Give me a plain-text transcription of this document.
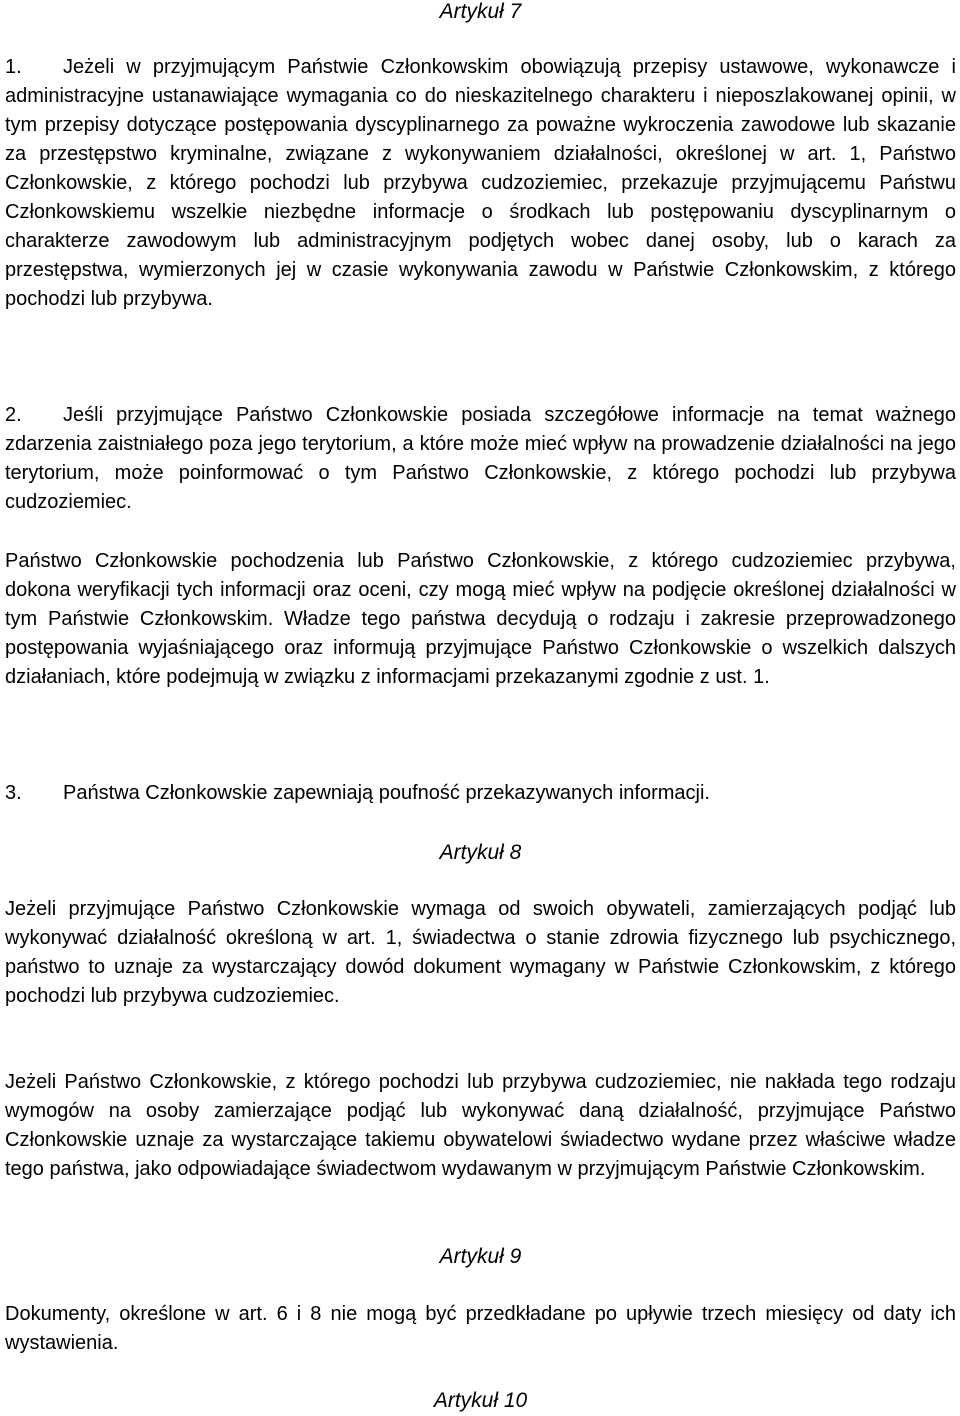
Artykuł 7

1. Jeżeli w przyjmującym Państwie Członkowskim obowiązują przepisy ustawowe, wykonawcze i administracyjne ustanawiające wymagania co do nieskazitelnego charakteru i nieposzlakowanej opinii, w tym przepisy dotyczące postępowania dyscyplinarnego za poważne wykroczenia zawodowe lub skazanie za przestępstwo kryminalne, związane z wykonywaniem działalności, określonej w art. 1, Państwo Członkowskie, z którego pochodzi lub przybywa cudzoziemiec, przekazuje przyjmującemu Państwu Członkowskiemu wszelkie niezbędne informacje o środkach lub postępowaniu dyscyplinarnym o charakterze zawodowym lub administracyjnym podjętych wobec danej osoby, lub o karach za przestępstwa, wymierzonych jej w czasie wykonywania zawodu w Państwie Członkowskim, z którego pochodzi lub przybywa.

2. Jeśli przyjmujące Państwo Członkowskie posiada szczegółowe informacje na temat ważnego zdarzenia zaistniałego poza jego terytorium, a które może mieć wpływ na prowadzenie działalności na jego terytorium, może poinformować o tym Państwo Członkowskie, z którego pochodzi lub przybywa cudzoziemiec.

Państwo Członkowskie pochodzenia lub Państwo Członkowskie, z którego cudzoziemiec przybywa, dokona weryfikacji tych informacji oraz oceni, czy mogą mieć wpływ na podjęcie określonej działalności w tym Państwie Członkowskim. Władze tego państwa decydują o rodzaju i zakresie przeprowadzonego postępowania wyjaśniającego oraz informują przyjmujące Państwo Członkowskie o wszelkich dalszych działaniach, które podejmują w związku z informacjami przekazanymi zgodnie z ust. 1.

3. Państwa Członkowskie zapewniają poufność przekazywanych informacji.

Artykuł 8

Jeżeli przyjmujące Państwo Członkowskie wymaga od swoich obywateli, zamierzających podjąć lub wykonywać działalność określoną w art. 1, świadectwa o stanie zdrowia fizycznego lub psychicznego, państwo to uznaje za wystarczający dowód dokument wymagany w Państwie Członkowskim, z którego pochodzi lub przybywa cudzoziemiec.

Jeżeli Państwo Członkowskie, z którego pochodzi lub przybywa cudzoziemiec, nie nakłada tego rodzaju wymogów na osoby zamierzające podjąć lub wykonywać daną działalność, przyjmujące Państwo Członkowskie uznaje za wystarczające takiemu obywatelowi świadectwo wydane przez właściwe władze tego państwa, jako odpowiadające świadectwom wydawanym w przyjmującym Państwie Członkowskim.

Artykuł 9

Dokumenty, określone w art. 6 i 8 nie mogą być przedkładane po upływie trzech miesięcy od daty ich wystawienia.

Artykuł 10
